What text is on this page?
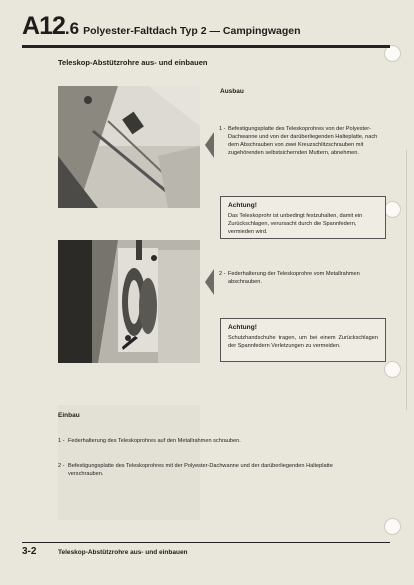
A12.6 Polyester-Faltdach Typ 2 — Campingwagen
Teleskop-Abstützrohre aus- und einbauen
Ausbau
1 - Befestigungsplatte des Teleskoprohres von der Polyester-Dachwanne und von der darüberliegenden Halteplatte, nach dem Abschrauben von zwei Kreuzschlitzschrauben mit zugehörenden selbstsichernden Muttern, abnehmen.
Achtung!
Das Teleskoprohr ist unbedingt festzuhalten, damit ein Zurückschlagen, verursacht durch die Spannfedern, vermieden wird.
2 - Federhalterung der Teleskoprohre vom Metallrahmen abschrauben.
Achtung!
Schutzhandschuhe tragen, um bei einem Zurückschlagen der Spannfedern Verletzungen zu vermeiden.
Einbau
1 - Federhalterung des Teleskoprohres auf den Metallrahmen schrauben.
2 - Befestigungsplatte des Teleskoprohres mit der Polyester-Dachwanne und der darüberliegenden Halteplatte verschrauben.
3-2	Teleskop-Abstützrohre aus- und einbauen
